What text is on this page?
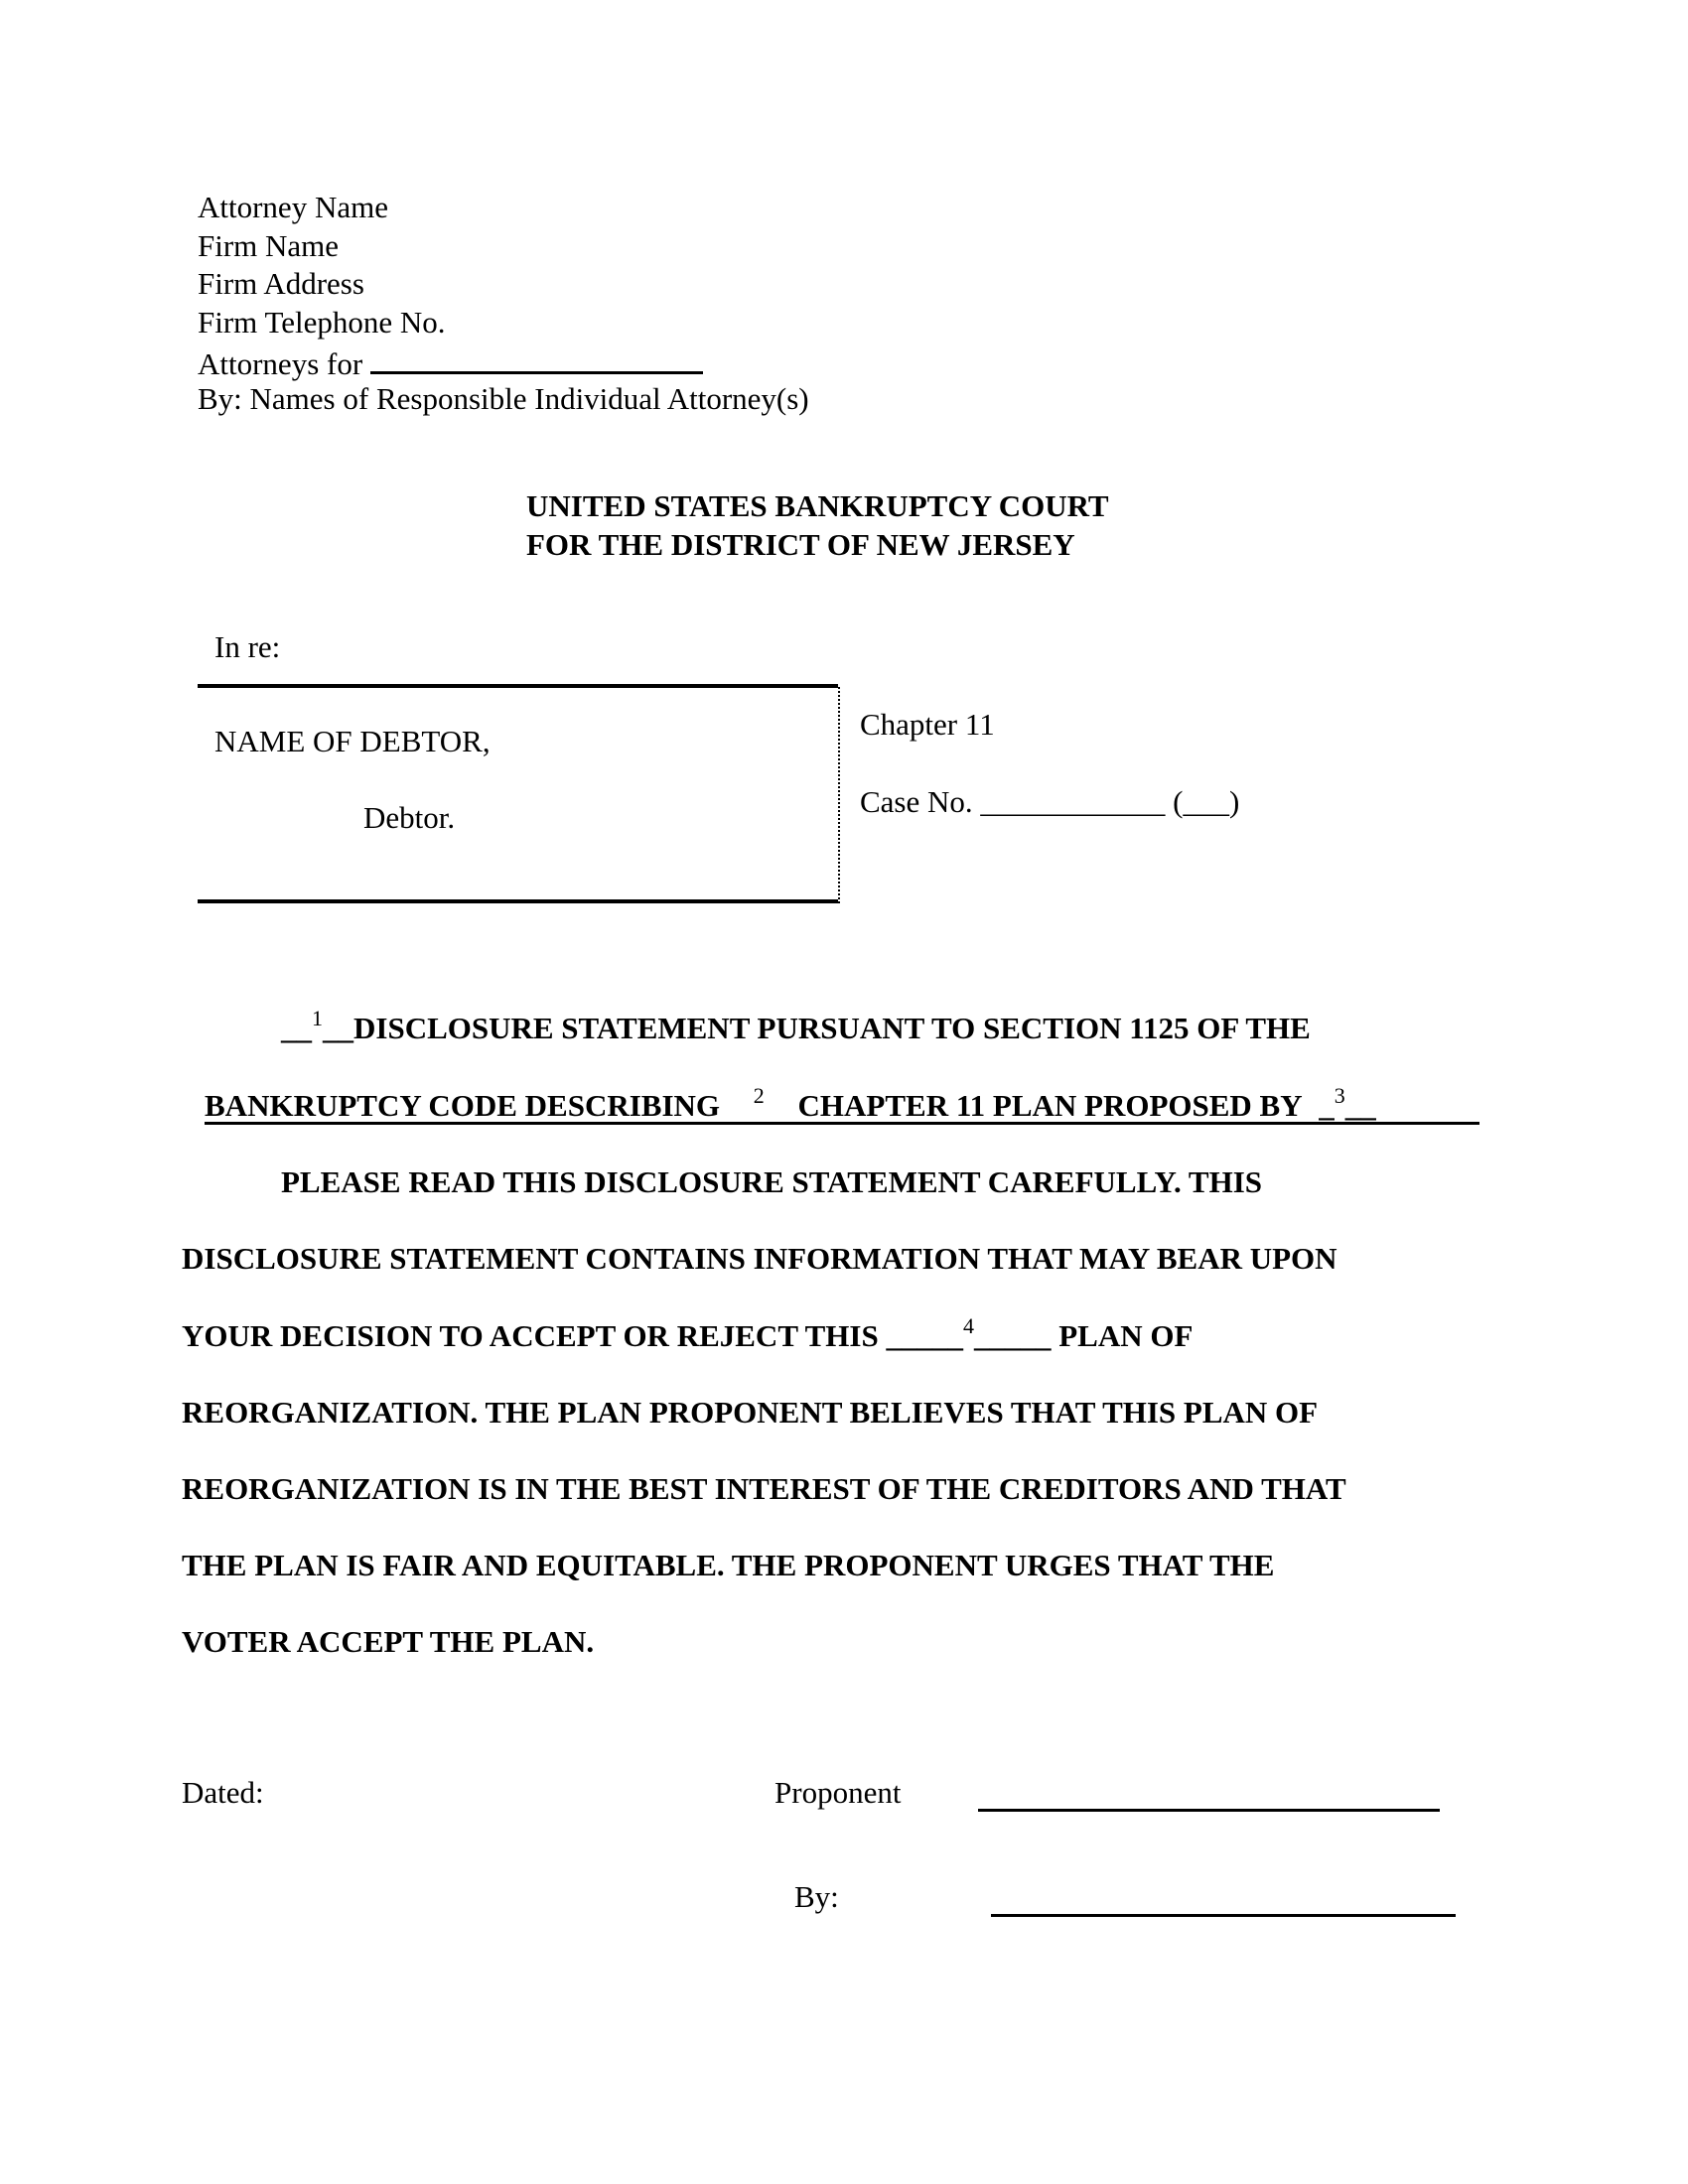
Attorney Name
Firm Name
Firm Address
Firm Telephone No.
Attorneys for
By: Names of Responsible Individual Attorney(s)
UNITED STATES BANKRUPTCY COURT
FOR THE DISTRICT OF NEW JERSEY
In re:
NAME OF DEBTOR,
Debtor.
Chapter 11
Case No. ____________ (___)
__$^1$__DISCLOSURE STATEMENT PURSUANT TO SECTION 1125 OF THE
BANKRUPTCY CODE DESCRIBING $^2$ CHAPTER 11 PLAN PROPOSED BY _$^3$__
PLEASE READ THIS DISCLOSURE STATEMENT CAREFULLY. THIS
DISCLOSURE STATEMENT CONTAINS INFORMATION THAT MAY BEAR UPON
YOUR DECISION TO ACCEPT OR REJECT THIS _____$^4$_____ PLAN OF
REORGANIZATION. THE PLAN PROPONENT BELIEVES THAT THIS PLAN OF
REORGANIZATION IS IN THE BEST INTEREST OF THE CREDITORS AND THAT
THE PLAN IS FAIR AND EQUITABLE. THE PROPONENT URGES THAT THE
VOTER ACCEPT THE PLAN.
Dated:	Proponent
By:
